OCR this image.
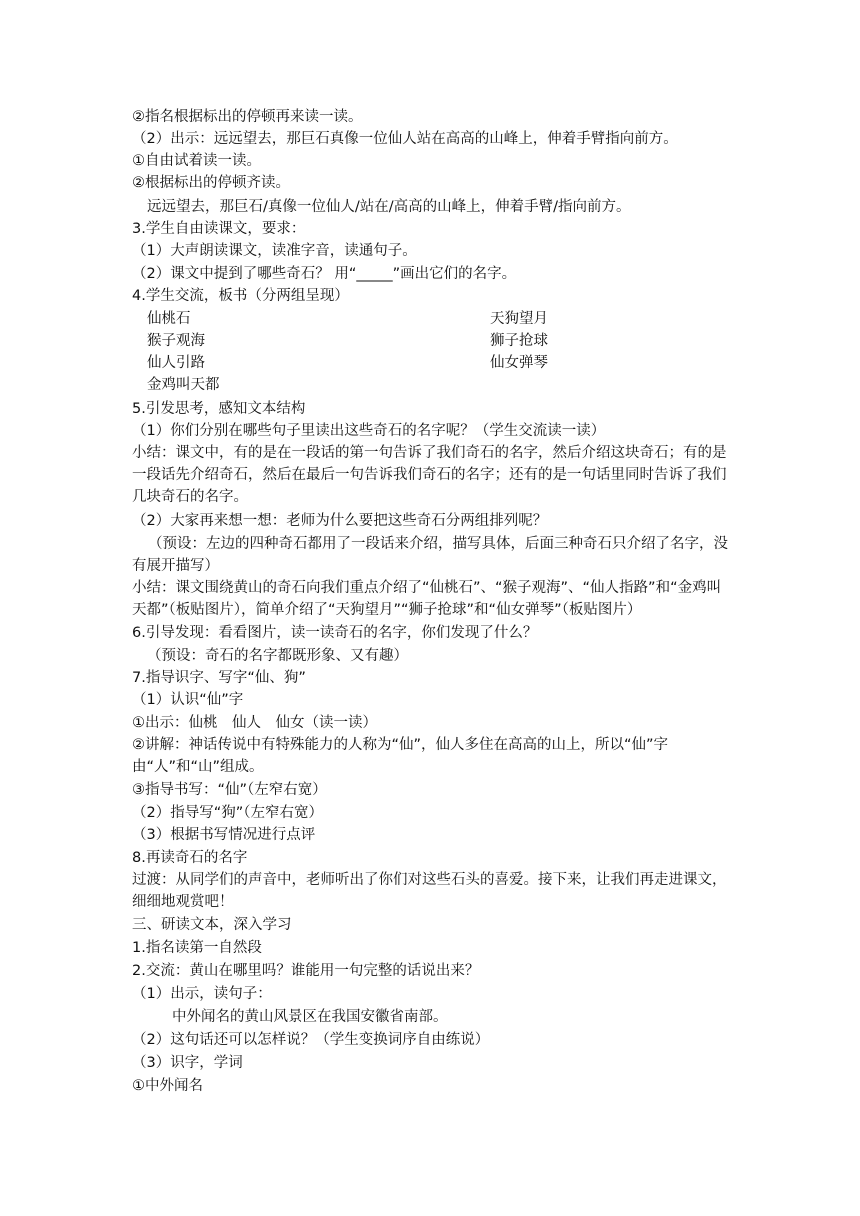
②指名根据标出的停顿再来读一读。
（2）出示：远远望去，那巨石真像一位仙人站在高高的山峰上，伸着手臂指向前方。
①自由试着读一读。
②根据标出的停顿齐读。
远远望去，那巨石/真像一位仙人/站在/高高的山峰上，伸着手臂/指向前方。
3.学生自由读课文，要求：
（1）大声朗读课文，读准字音，读通句子。
（2）课文中提到了哪些奇石？ 用“_____”画出它们的名字。
4.学生交流，板书（分两组呈现）
仙桃石	天狗望月
猴子观海	狮子抢球
仙人引路	仙女弹琴
金鸡叫天都
5.引发思考，感知文本结构
（1）你们分别在哪些句子里读出这些奇石的名字呢？（学生交流读一读）
小结：课文中，有的是在一段话的第一句告诉了我们奇石的名字，然后介绍这块奇石；有的是一段话先介绍奇石，然后在最后一句告诉我们奇石的名字；还有的是一句话里同时告诉了我们几块奇石的名字。
（2）大家再来想一想：老师为什么要把这些奇石分两组排列呢？
（预设：左边的四种奇石都用了一段话来介绍，描写具体，后面三种奇石只介绍了名字，没有展开描写）
小结：课文围绕黄山的奇石向我们重点介绍了“仙桃石”、“猴子观海”、“仙人指路”和“金鸡叫天都”（板贴图片），简单介绍了“天狗望月”“狮子抢球”和“仙女弹琴”（板贴图片）
6.引导发现：看看图片，读一读奇石的名字，你们发现了什么？
（预设：奇石的名字都既形象、又有趣）
7.指导识字、写字“仙、狗”
（1）认识“仙”字
①出示：仙桃　仙人　仙女（读一读）
②讲解：神话传说中有特殊能力的人称为“仙”，仙人多住在高高的山上，所以“仙”字由“人”和“山”组成。
③指导书写：“仙”（左窄右宽）
（2）指导写“狗”（左窄右宽）
（3）根据书写情况进行点评
8.再读奇石的名字
过渡：从同学们的声音中，老师听出了你们对这些石头的喜爱。接下来，让我们再走进课文，细细地观赏吧！
三、研读文本，深入学习
1.指名读第一自然段
2.交流：黄山在哪里吗？谁能用一句完整的话说出来？
（1）出示，读句子：
中外闻名的黄山风景区在我国安徽省南部。
（2）这句话还可以怎样说？（学生变换词序自由练说）
（3）识字，学词
①中外闻名
